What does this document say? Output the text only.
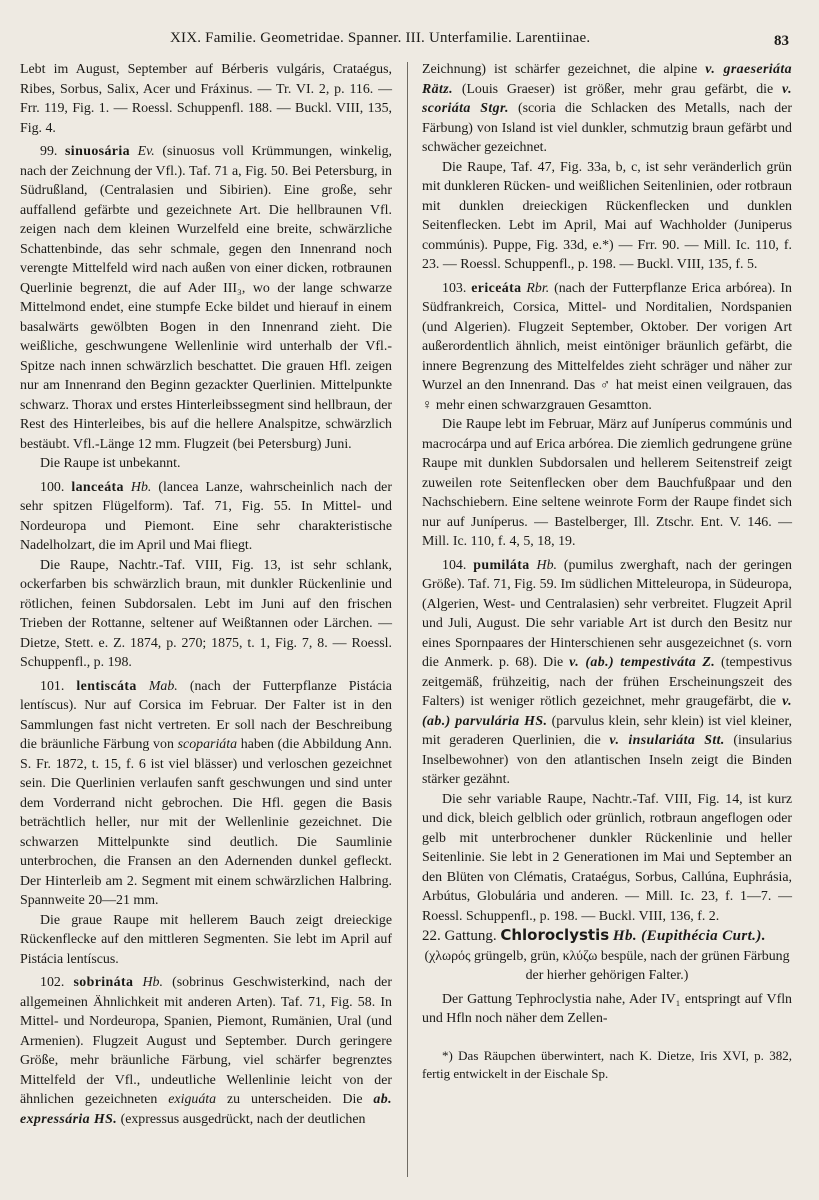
XIX. Familie. Geometridae. Spanner. III. Unterfamilie. Larentiinae.	83

Lebt im August, September auf Bérberis vulgáris, Crataégus, Ribes, Sorbus, Salix, Acer und Fráxinus. — Tr. VI. 2, p. 116. — Frr. 119, Fig. 1. — Roessl. Schuppenfl. 188. — Buckl. VIII, 135, Fig. 4.

99. sinuosária Ev. (sinuosus voll Krümmungen, winkelig, nach der Zeichnung der Vfl.). Taf. 71 a, Fig. 50. Bei Petersburg, in Südrußland, (Centralasien und Sibirien). Eine große, sehr auffallend gefärbte und gezeichnete Art. Die hellbraunen Vfl. zeigen nach dem kleinen Wurzelfeld eine breite, schwärzliche Schattenbinde, das sehr schmale, gegen den Innenrand noch verengte Mittelfeld wird nach außen von einer dicken, rotbraunen Querlinie begrenzt, die auf Ader III₃, wo der lange schwarze Mittelmond endet, eine stumpfe Ecke bildet und hierauf in einem basalwärts gewölbten Bogen in den Innenrand zieht. Die weißliche, geschwungene Wellenlinie wird unterhalb der Vfl.-Spitze nach innen schwärzlich beschattet. Die grauen Hfl. zeigen nur am Innenrand den Beginn gezackter Querlinien. Mittelpunkte schwarz. Thorax und erstes Hinterleibssegment sind hellbraun, der Rest des Hinterleibes, bis auf die hellere Analspitze, schwärzlich bestäubt. Vfl.-Länge 12 mm. Flugzeit (bei Petersburg) Juni.

Die Raupe ist unbekannt.

100. lanceáta Hb. (lancea Lanze, wahrscheinlich nach der sehr spitzen Flügelform). Taf. 71, Fig. 55. In Mittel- und Nordeuropa und Piemont. Eine sehr charakteristische Nadelholzart, die im April und Mai fliegt.

Die Raupe, Nachtr.-Taf. VIII, Fig. 13, ist sehr schlank, ockerfarben bis schwärzlich braun, mit dunkler Rückenlinie und rötlichen, feinen Subdorsalen. Lebt im Juni auf den frischen Trieben der Rottanne, seltener auf Weißtannen oder Lärchen. — Dietze, Stett. e. Z. 1874, p. 270; 1875, t. 1, Fig. 7, 8. — Roessl. Schuppenfl., p. 198.

101. lentiscáta Mab. (nach der Futterpflanze Pistácia lentíscus). Nur auf Corsica im Februar. Der Falter ist in den Sammlungen fast nicht vertreten. Er soll nach der Beschreibung die bräunliche Färbung von scopariáta haben (die Abbildung Ann. S. Fr. 1872, t. 15, f. 6 ist viel blässer) und verloschen gezeichnet sein. Die Querlinien verlaufen sanft geschwungen und sind unter dem Vorderrand nicht gebrochen. Die Hfl. gegen die Basis beträchtlich heller, nur mit der Wellenlinie gezeichnet. Die schwarzen Mittelpunkte sind deutlich. Die Saumlinie unterbrochen, die Fransen an den Adernenden dunkel gefleckt. Der Hinterleib am 2. Segment mit einem schwärzlichen Halbring. Spannweite 20—21 mm.

Die graue Raupe mit hellerem Bauch zeigt dreieckige Rückenflecke auf den mittleren Segmenten. Sie lebt im April auf Pistácia lentíscus.

102. sobrináta Hb. (sobrinus Geschwisterkind, nach der allgemeinen Ähnlichkeit mit anderen Arten). Taf. 71, Fig. 58. In Mittel- und Nordeuropa, Spanien, Piemont, Rumänien, Ural (und Armenien). Flugzeit August und September. Durch geringere Größe, mehr bräunliche Färbung, viel schärfer begrenztes Mittelfeld der Vfl., undeutliche Wellenlinie leicht von der ähnlichen gezeichneten exiguáta zu unterscheiden. Die ab. expressária HS. (expressus ausgedrückt, nach der deutlichen

Zeichnung) ist schärfer gezeichnet, die alpine v. graeseriáta Rätz. (Louis Graeser) ist größer, mehr grau gefärbt, die v. scoriáta Stgr. (scoria die Schlacken des Metalls, nach der Färbung) von Island ist viel dunkler, schmutzig braun gefärbt und schwächer gezeichnet.

Die Raupe, Taf. 47, Fig. 33a, b, c, ist sehr veränderlich grün mit dunkleren Rücken- und weißlichen Seitenlinien, oder rotbraun mit dunklen dreieckigen Rückenflecken und dunklen Seitenflecken. Lebt im April, Mai auf Wachholder (Juniperus commúnis). Puppe, Fig. 33d, e.*) — Frr. 90. — Mill. Ic. 110, f. 23. — Roessl. Schuppenfl., p. 198. — Buckl. VIII, 135, f. 5.

103. ericeáta Rbr. (nach der Futterpflanze Erica arbórea). In Südfrankreich, Corsica, Mittel- und Norditalien, Nordspanien (und Algerien). Flugzeit September, Oktober. Der vorigen Art außerordentlich ähnlich, meist eintöniger bräunlich gefärbt, die innere Begrenzung des Mittelfeldes zieht schräger und näher zur Wurzel an den Innenrand. Das ♂ hat meist einen veilgrauen, das ♀ mehr einen schwarzgrauen Gesamtton.

Die Raupe lebt im Februar, März auf Juníperus commúnis und macrocárpa und auf Erica arbórea. Die ziemlich gedrungene grüne Raupe mit dunklen Subdorsalen und hellerem Seitenstreif zeigt zuweilen rote Seitenflecken ober dem Bauchfußpaar und den Nachschiebern. Eine seltene weinrote Form der Raupe findet sich nur auf Juníperus. — Bastelberger, Ill. Ztschr. Ent. V. 146. — Mill. Ic. 110, f. 4, 5, 18, 19.

104. pumiláta Hb. (pumilus zwerghaft, nach der geringen Größe). Taf. 71, Fig. 59. Im südlichen Mitteleuropa, in Südeuropa, (Algerien, West- und Centralasien) sehr verbreitet. Flugzeit April und Juli, August. Die sehr variable Art ist durch den Besitz nur eines Spornpaares der Hinterschienen sehr ausgezeichnet (s. vorn die Anmerk. p. 68). Die v. (ab.) tempestiváta Z. (tempestivus zeitgemäß, frühzeitig, nach der frühen Erscheinungszeit des Falters) ist weniger rötlich gezeichnet, mehr graugefärbt, die v. (ab.) parvulária HS. (parvulus klein, sehr klein) ist viel kleiner, mit geraderen Querlinien, die v. insulariáta Stt. (insularius Inselbewohner) von den atlantischen Inseln zeigt die Binden stärker gezähnt.

Die sehr variable Raupe, Nachtr.-Taf. VIII, Fig. 14, ist kurz und dick, bleich gelblich oder grünlich, rotbraun angeflogen oder gelb mit unterbrochener dunkler Rückenlinie und heller Seitenlinie. Sie lebt in 2 Generationen im Mai und September an den Blüten von Clématis, Crataégus, Sorbus, Callúna, Euphrásia, Arbútus, Globulária und anderen. — Mill. Ic. 23, f. 1—7. — Roessl. Schuppenfl., p. 198. — Buckl. VIII, 136, f. 2.

22. Gattung. Chloroclystis Hb. (Eupithécia Curt.).

(χλωρός grüngelb, grün, κλύζω bespüle, nach der grünen Färbung der hierher gehörigen Falter.)

Der Gattung Tephroclystia nahe, Ader IV₁ entspringt auf Vfln und Hfln noch näher dem Zellen-

*) Das Räupchen überwintert, nach K. Dietze, Iris XVI, p. 382, fertig entwickelt in der Eischale Sp.
